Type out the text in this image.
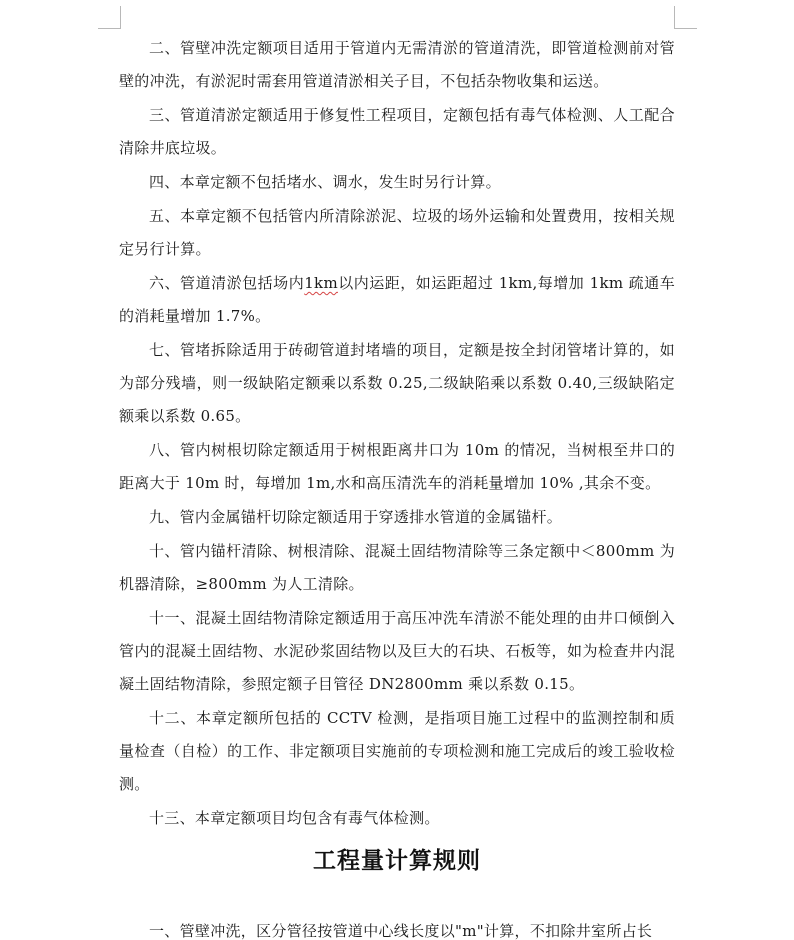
二、管壁冲洗定额项目适用于管道内无需清淤的管道清洗，即管道检测前对管壁的冲洗，有淤泥时需套用管道清淤相关子目，不包括杂物收集和运送。

三、管道清淤定额适用于修复性工程项目，定额包括有毒气体检测、人工配合清除井底垃圾。

四、本章定额不包括堵水、调水，发生时另行计算。

五、本章定额不包括管内所清除淤泥、垃圾的场外运输和处置费用，按相关规定另行计算。

六、管道清淤包括场内1km以内运距，如运距超过 1km,每增加 1km 疏通车的消耗量增加 1.7%。

七、管堵拆除适用于砖砌管道封堵墙的项目，定额是按全封闭管堵计算的，如为部分残墙，则一级缺陷定额乘以系数 0.25,二级缺陷乘以系数 0.40,三级缺陷定额乘以系数 0.65。

八、管内树根切除定额适用于树根距离井口为 10m 的情况，当树根至井口的距离大于 10m 时，每增加 1m,水和高压清洗车的消耗量增加 10% ,其余不变。

九、管内金属锚杆切除定额适用于穿透排水管道的金属锚杆。

十、管内锚杆清除、树根清除、混凝土固结物清除等三条定额中＜800mm 为机器清除，≥800mm 为人工清除。

十一、混凝土固结物清除定额适用于高压冲洗车清淤不能处理的由井口倾倒入管内的混凝土固结物、水泥砂浆固结物以及巨大的石块、石板等，如为检查井内混凝土固结物清除，参照定额子目管径 DN2800mm 乘以系数 0.15。

十二、本章定额所包括的 CCTV 检测，是指项目施工过程中的监测控制和质量检查（自检）的工作、非定额项目实施前的专项检测和施工完成后的竣工验收检测。

十三、本章定额项目均包含有毒气体检测。

工程量计算规则

一、管壁冲洗，区分管径按管道中心线长度以"m"计算，不扣除井室所占长
